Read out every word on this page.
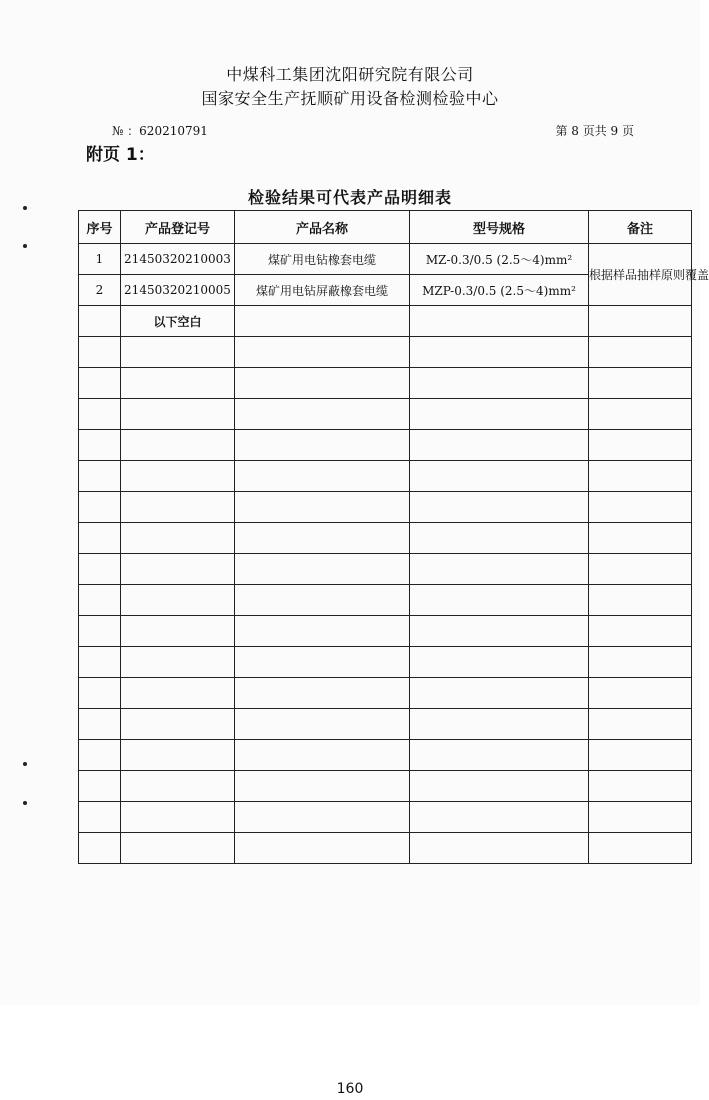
中煤科工集团沈阳研究院有限公司
国家安全生产抚顺矿用设备检测检验中心
№ ：620210791	第 8 页共 9 页
附页 1：
检验结果可代表产品明细表
序号	产品登记号	产品名称	型号规格	备注
1	21450320210003	煤矿用电钻橡套电缆	MZ-0.3/0.5 (2.5～4)mm²	根据样品抽样原则覆盖
2	21450320210005	煤矿用电钻屏蔽橡套电缆	MZP-0.3/0.5 (2.5～4)mm²	
	以下空白			

160
